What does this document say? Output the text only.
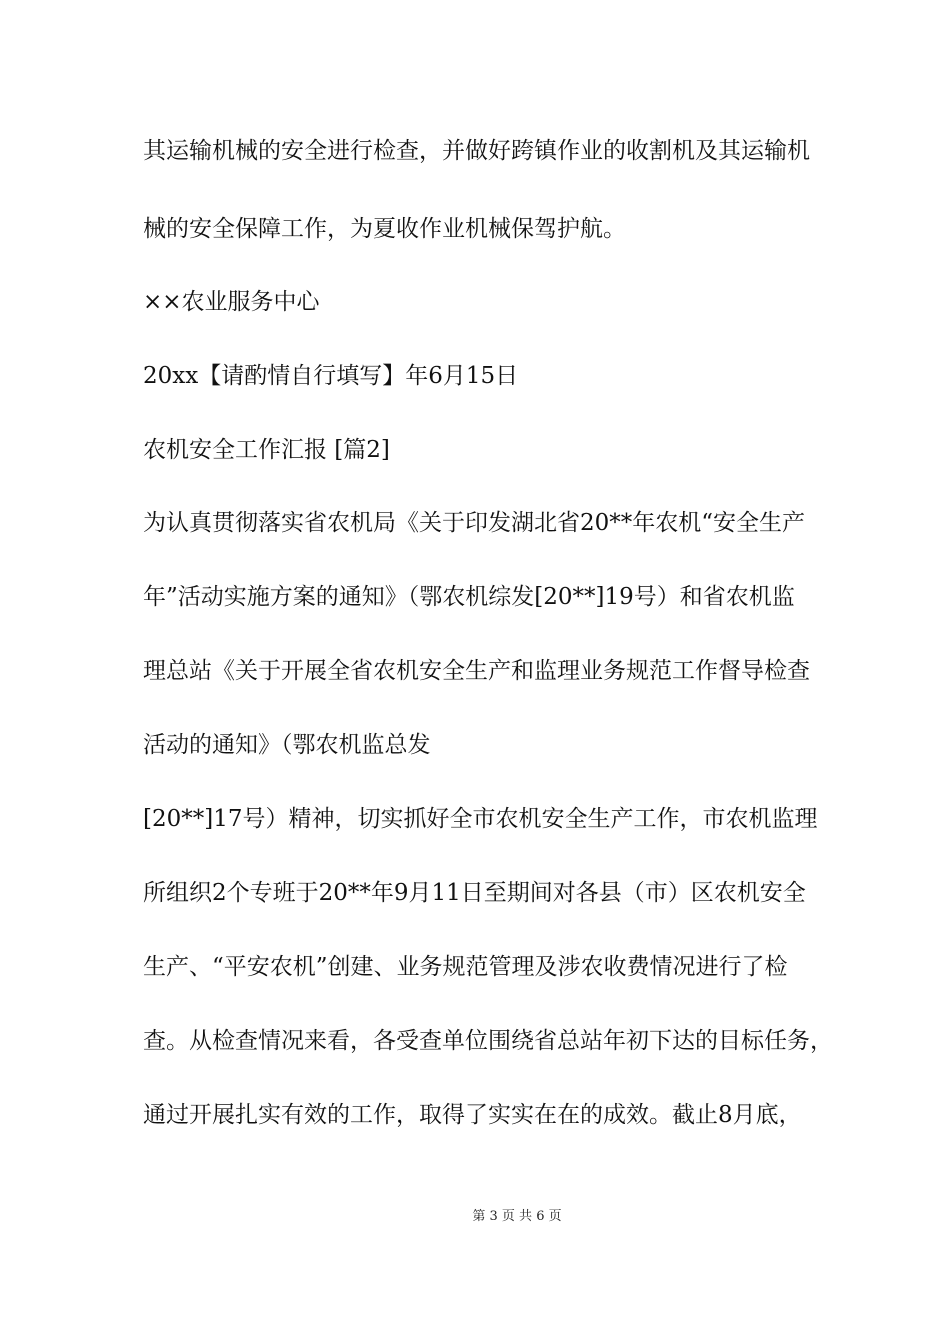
其运输机械的安全进行检查，并做好跨镇作业的收割机及其运输机
械的安全保障工作，为夏收作业机械保驾护航。
××农业服务中心
20xx【请酌情自行填写】年6月15日
农机安全工作汇报 [篇2]
为认真贯彻落实省农机局《关于印发湖北省20**年农机“安全生产
年”活动实施方案的通知》（鄂农机综发[20**]19号）和省农机监
理总站《关于开展全省农机安全生产和监理业务规范工作督导检查
活动的通知》（鄂农机监总发
[20**]17号）精神，切实抓好全市农机安全生产工作，市农机监理
所组织2个专班于20**年9月11日至期间对各县（市）区农机安全
生产、“平安农机”创建、业务规范管理及涉农收费情况进行了检
查。从检查情况来看，各受查单位围绕省总站年初下达的目标任务，
通过开展扎实有效的工作，取得了实实在在的成效。截止8月底，
第 3 页 共 6 页
